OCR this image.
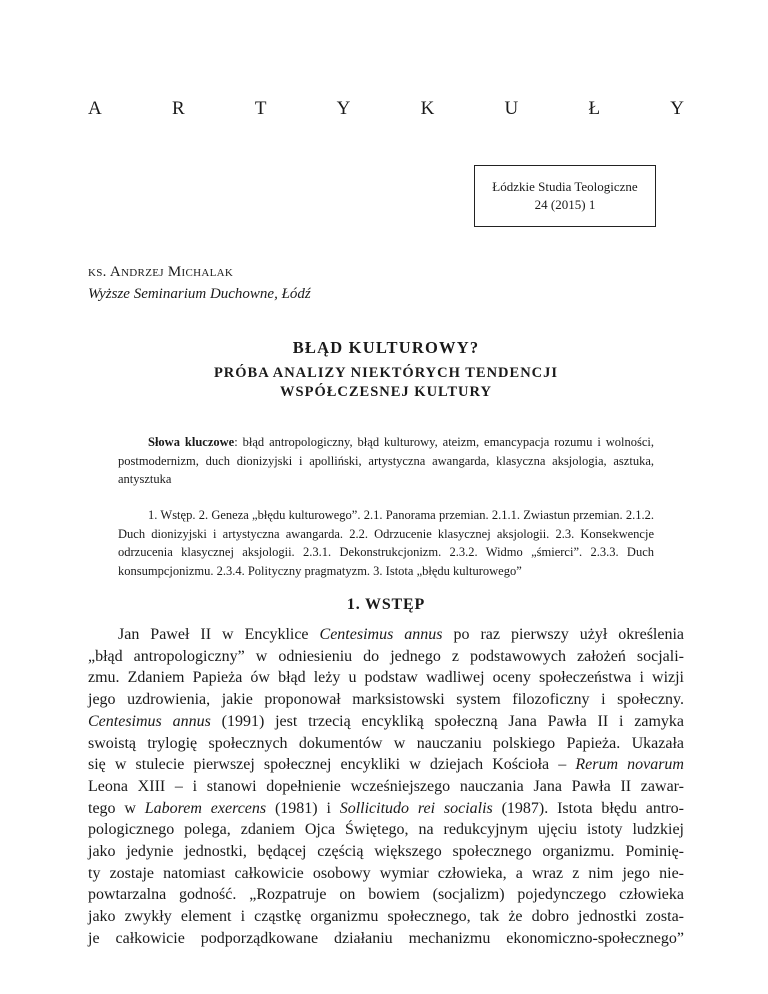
A	R	T	Y	K	U	Ł	Y
Łódzkie Studia Teologiczne
24 (2015) 1
ks. Andrzej Michalak
Wyższe Seminarium Duchowne, Łódź
BŁĄD KULTUROWY?
PRÓBA ANALIZY NIEKTÓRYCH TENDENCJI
WSPÓŁCZESNEJ KULTURY
Słowa kluczowe: błąd antropologiczny, błąd kulturowy, ateizm, emancypacja rozumu i wolności, postmodernizm, duch dionizyjski i apolliński, artystyczna awangarda, klasyczna aksjologia, asztuka, antysztuka
1. Wstęp. 2. Geneza „błędu kulturowego”. 2.1. Panorama przemian. 2.1.1. Zwiastun przemian. 2.1.2. Duch dionizyjski i artystyczna awangarda. 2.2. Odrzucenie klasycznej aksjologii. 2.3. Konsekwencje odrzucenia klasycznej aksjologii. 2.3.1. Dekonstrukcjonizm. 2.3.2. Widmo „śmierci”. 2.3.3. Duch konsumpcjonizmu. 2.3.4. Polityczny pragmatyzm. 3. Istota „błędu kulturowego”
1. WSTĘP
Jan Paweł II w Encyklice Centesimus annus po raz pierwszy użył określenia
„błąd antropologiczny” w odniesieniu do jednego z podstawowych założeń socjali-
zmu. Zdaniem Papieża ów błąd leży u podstaw wadliwej oceny społeczeństwa i wizji
jego uzdrowienia, jakie proponował marksistowski system filozoficzny i społeczny.
Centesimus annus (1991) jest trzecią encykliką społeczną Jana Pawła II i zamyka
swoistą trylogię społecznych dokumentów w nauczaniu polskiego Papieża. Ukazała
się w stulecie pierwszej społecznej encykliki w dziejach Kościoła – Rerum novarum
Leona XIII – i stanowi dopełnienie wcześniejszego nauczania Jana Pawła II zawar-
tego w Laborem exercens (1981) i Sollicitudo rei socialis (1987). Istota błędu antro-
pologicznego polega, zdaniem Ojca Świętego, na redukcyjnym ujęciu istoty ludzkiej
jako jedynie jednostki, będącej częścią większego społecznego organizmu. Pominię-
ty zostaje natomiast całkowicie osobowy wymiar człowieka, a wraz z nim jego nie-
powtarzalna godność. „Rozpatruje on bowiem (socjalizm) pojedynczego człowieka
jako zwykły element i cząstkę organizmu społecznego, tak że dobro jednostki zosta-
je całkowicie podporządkowane działaniu mechanizmu ekonomiczno-społecznego”
